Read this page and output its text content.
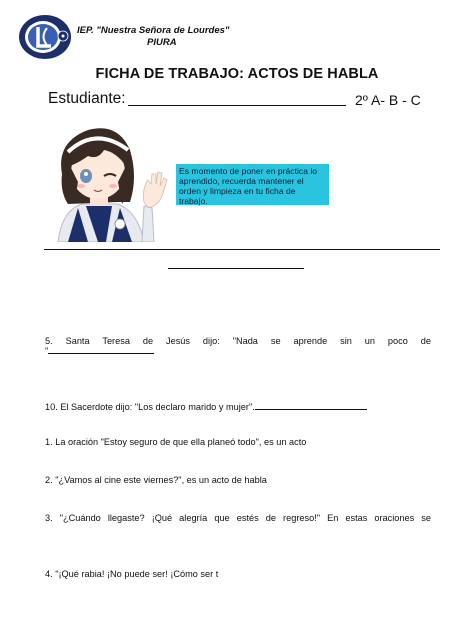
IEP. "Nuestra Señora de Lourdes"
PIURA
FICHA DE TRABAJO: ACTOS DE HABLA
Estudiante:	2º A- B - C
Es momento de poner en práctica lo aprendido, recuerda mantener el orden y limpieza en tu ficha de trabajo.
5. Santa Teresa de Jesús dijo: "Nada se aprende sin un poco de
"
10. El Sacerdote dijo: "Los declaro marido y mujer".
1. La oración "Estoy seguro de que ella planeó todo", es un acto
2. "¿Vamos al cine este viernes?", es un acto de habla
3. "¿Cuándo llegaste? ¡Qué alegría que estés de regreso!" En estas oraciones se
4. "¡Qué rabia! ¡No puede ser! ¡Cómo ser t
